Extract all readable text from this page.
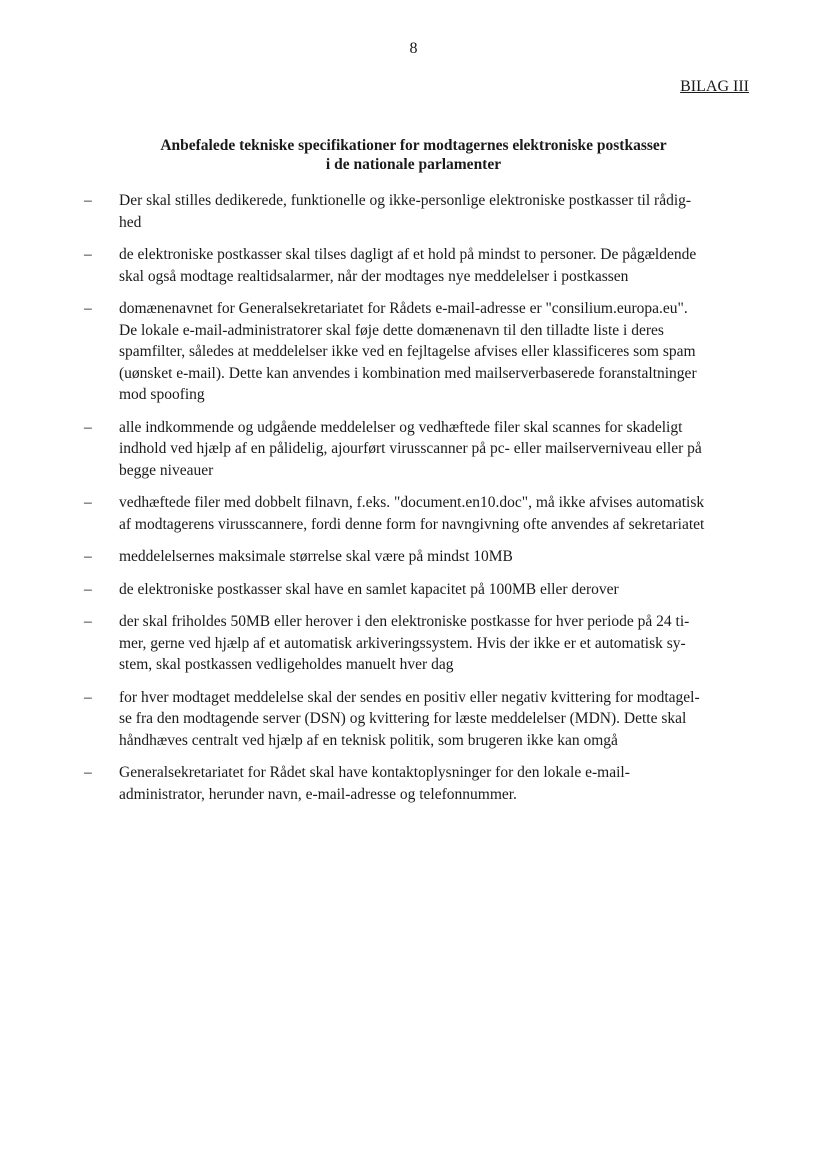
8
BILAG III
Anbefalede tekniske specifikationer for modtagernes elektroniske postkasser
i de nationale parlamenter
– Der skal stilles dedikerede, funktionelle og ikke-personlige elektroniske postkasser til rådig-
hed
– de elektroniske postkasser skal tilses dagligt af et hold på mindst to personer. De pågældende
skal også modtage realtidsalarmer, når der modtages nye meddelelser i postkassen
– domænenavnet for Generalsekretariatet for Rådets e-mail-adresse er "consilium.europa.eu".
De lokale e-mail-administratorer skal føje dette domænenavn til den tilladte liste i deres
spamfilter, således at meddelelser ikke ved en fejltagelse afvises eller klassificeres som spam
(uønsket e-mail). Dette kan anvendes i kombination med mailserverbaserede foranstaltninger
mod spoofing
– alle indkommende og udgående meddelelser og vedhæftede filer skal scannes for skadeligt
indhold ved hjælp af en pålidelig, ajourført virusscanner på pc- eller mailserverniveau eller på
begge niveauer
– vedhæftede filer med dobbelt filnavn, f.eks. "document.en10.doc", må ikke afvises automatisk
af modtagerens virusscannere, fordi denne form for navngivning ofte anvendes af sekretariatet
– meddelelsernes maksimale størrelse skal være på mindst 10MB
– de elektroniske postkasser skal have en samlet kapacitet på 100MB eller derover
– der skal friholdes 50MB eller herover i den elektroniske postkasse for hver periode på 24 ti-
mer, gerne ved hjælp af et automatisk arkiveringssystem. Hvis der ikke er et automatisk sy-
stem, skal postkassen vedligeholdes manuelt hver dag
– for hver modtaget meddelelse skal der sendes en positiv eller negativ kvittering for modtagel-
se fra den modtagende server (DSN) og kvittering for læste meddelelser (MDN). Dette skal
håndhæves centralt ved hjælp af en teknisk politik, som brugeren ikke kan omgå
– Generalsekretariatet for Rådet skal have kontaktoplysninger for den lokale e-mail-
administrator, herunder navn, e-mail-adresse og telefonnummer.
